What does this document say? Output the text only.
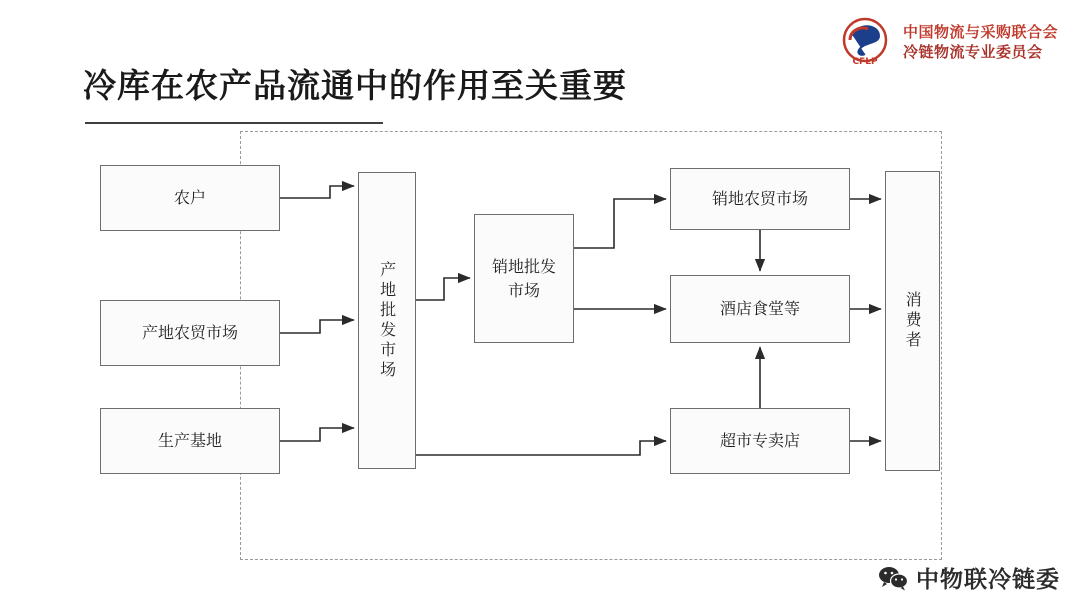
冷库在农产品流通中的作用至关重要
CFLP
中国物流与采购联合会
冷链物流专业委员会
农户
产地农贸市场
生产基地
产地批发市场	销地批发
市场
销地农贸市场
酒店食堂等
超市专卖店
消费者
中物联冷链委
